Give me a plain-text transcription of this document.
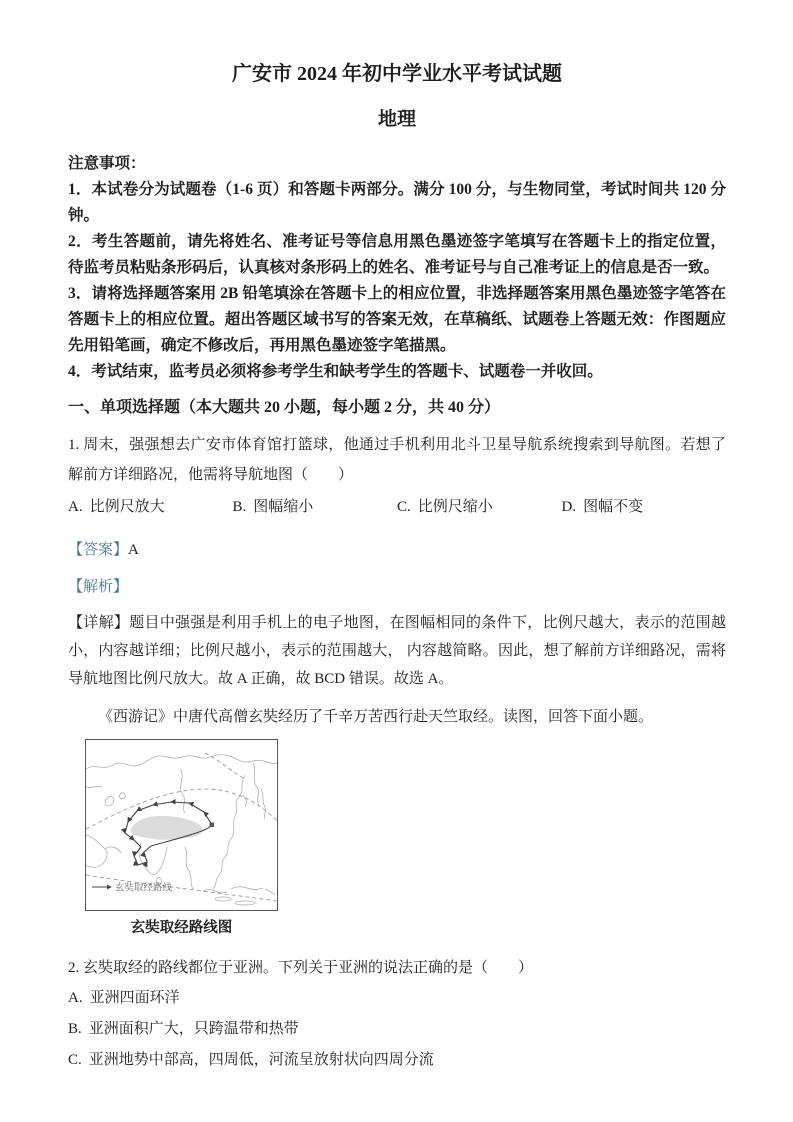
广安市 2024 年初中学业水平考试试题
地理
注意事项：
1．本试卷分为试题卷（1-6 页）和答题卡两部分。满分 100 分，与生物同堂，考试时间共 120 分钟。
2．考生答题前，请先将姓名、准考证号等信息用黑色墨迹签字笔填写在答题卡上的指定位置，待监考员粘贴条形码后，认真核对条形码上的姓名、准考证号与自己准考证上的信息是否一致。
3．请将选择题答案用 2B 铅笔填涂在答题卡上的相应位置，非选择题答案用黑色墨迹签字笔答在答题卡上的相应位置。超出答题区域书写的答案无效，在草稿纸、试题卷上答题无效：作图题应先用铅笔画，确定不修改后，再用黑色墨迹签字笔描黑。
4．考试结束，监考员必须将参考学生和缺考学生的答题卡、试题卷一并收回。
一、单项选择题（本大题共 20 小题，每小题 2 分，共 40 分）
1. 周末，强强想去广安市体育馆打篮球，他通过手机利用北斗卫星导航系统搜索到导航图。若想了解前方详细路况，他需将导航地图（　　）
A. 比例尺放大	B. 图幅缩小	C. 比例尺缩小	D. 图幅不变
【答案】A
【解析】
【详解】题目中强强是利用手机上的电子地图，在图幅相同的条件下，比例尺越大，表示的范围越 小，内容越详细；比例尺越小，表示的范围越大， 内容越简略。因此，想了解前方详细路况，需将导航地图比例尺放大。故 A 正确，故 BCD 错误。故选 A。
《西游记》中唐代高僧玄奘经历了千辛万苦西行赴天竺取经。读图，回答下面小题。
玄奘取经路线
玄奘取经路线图
2. 玄奘取经的路线都位于亚洲。下列关于亚洲的说法正确的是（　　）
A. 亚洲四面环洋
B. 亚洲面积广大，只跨温带和热带
C. 亚洲地势中部高，四周低，河流呈放射状向四周分流
